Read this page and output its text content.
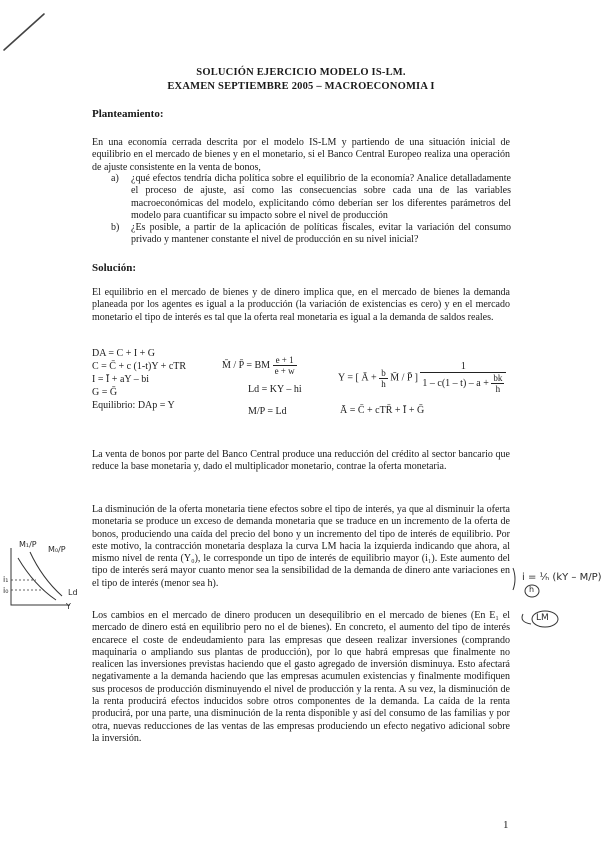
SOLUCIÓN EJERCICIO MODELO IS-LM.
EXAMEN SEPTIEMBRE 2005 – MACROECONOMIA I
Planteamiento:
En una economía cerrada descrita por el modelo IS-LM y partiendo de una situación inicial de equilibrio en el mercado de bienes y en el monetario, si el Banco Central Europeo realiza una operación de ajuste consistente en la venta de bonos,
a) ¿qué efectos tendría dicha política sobre el equilibrio de la economía? Analice detalladamente el proceso de ajuste, así como las consecuencias sobre cada una de las variables macroeconómicas del modelo, explicitando cómo deberían ser los diferentes parámetros del modelo para cuantificar su impacto sobre el nivel de producción
b) ¿Es posible, a partir de la aplicación de políticas fiscales, evitar la variación del consumo privado y mantener constante el nivel de producción en su nivel inicial?
Solución:
El equilibrio en el mercado de bienes y de dinero implica que, en el mercado de bienes la demanda planeada por los agentes es igual a la producción (la variación de existencias es cero) y en el mercado monetario el tipo de interés es tal que la oferta real monetaria es igual a la demanda de saldos reales.
DA = C + I + G
C = C̄ + c (1-t)Y + cTR
I = Ī + aY – bi
G = Ḡ
Equilibrio: DAp = Y
M̄ / P̄ = BM $\frac{e + 1}{e + w}$
Ld = KY – hi
M/P = Ld
Y = [ Ā + $\frac{b}{h}$ M̄ / P̄ ] $\frac{1}{1 - c(1 - t) - a + \frac{bk}{h}}$
Ā = C̄ + cTR̄ + Ī + Ḡ
La venta de bonos por parte del Banco Central produce una reducción del crédito al sector bancario que reduce la base monetaria y, dado el multiplicador monetario, contrae la oferta monetaria.
La disminución de la oferta monetaria tiene efectos sobre el tipo de interés, ya que al disminuir la oferta monetaria se produce un exceso de demanda monetaria que se traduce en un incremento de la oferta de bonos, produciendo una caída del precio del bono y un incremento del tipo de interés de equilibrio. Por este motivo, la contracción monetaria desplaza la curva LM hacia la izquierda indicando que ahora, al mismo nivel de renta (Y₀), le corresponde un tipo de interés de equilibrio mayor (i₁). Este aumento del tipo de interés será mayor cuanto menor sea la sensibilidad de la demanda de dinero ante variaciones en el tipo de interés (menor sea h).
Los cambios en el mercado de dinero producen un desequilibrio en el mercado de bienes (En E₁ el mercado de dinero está en equilibrio pero no el de bienes). En concreto, el aumento del tipo de interés encarece el coste de endeudamiento para las empresas que deseen realizar inversiones (comprando maquinaria o ampliando sus plantas de producción), por lo que habrá empresas que finalmente no realicen las inversiones previstas haciendo que el gasto agregado de inversión disminuya. Esto afectará negativamente a la demanda haciendo que las empresas acumulen existencias y finalmente modifiquen sus procesos de producción disminuyendo el nivel de producción y la renta. A su vez, la disminución de la renta producirá efectos inducidos sobre otros componentes de la demanda. La caída de la renta producirá, por una parte, una disminución de la renta disponible y así del consumo de las familias y por otra, nuevas reducciones de las ventas de las empresas produciendo un efecto negativo adicional sobre la inversión.
M₁/P
M₀/P
i₁
i₀	Ld
Y
i = ¹⁄ₕ (kY – M/P)
LM
h
1
